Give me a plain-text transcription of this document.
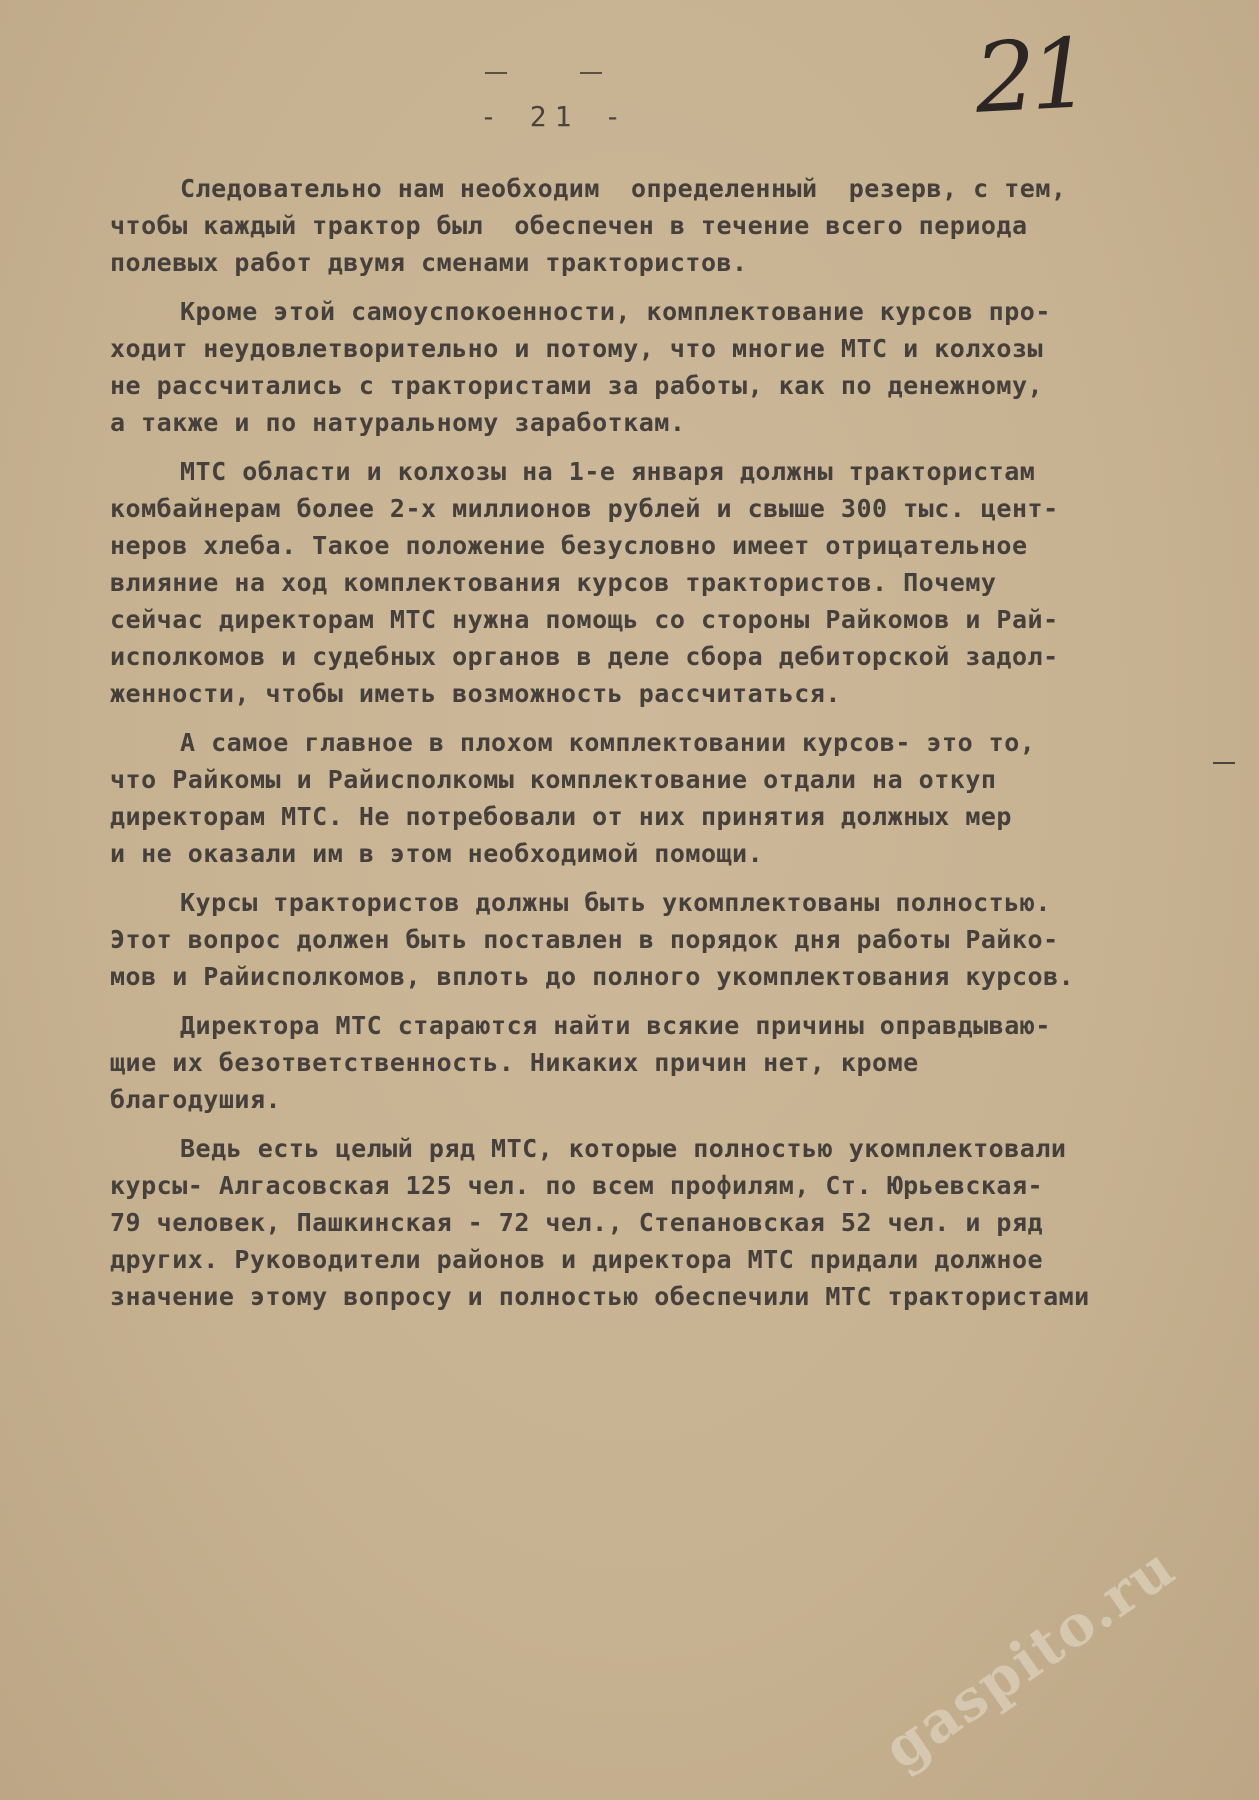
21
- 21 -
Следовательно нам необходим  определенный  резерв, с тем,
чтобы каждый трактор был  обеспечен в течение всего периода
полевых работ двумя сменами трактористов.
Кроме этой самоуспокоенности, комплектование курсов про-
ходит неудовлетворительно и потому, что многие МТС и колхозы
не рассчитались с трактористами за работы, как по денежному,
а также и по натуральному заработкам.
МТС области и колхозы на 1-е января должны трактористам
комбайнерам более 2-х миллионов рублей и свыше 300 тыс. цент-
неров хлеба. Такое положение безусловно имеет отрицательное
влияние на ход комплектования курсов трактористов. Почему
сейчас директорам МТС нужна помощь со стороны Райкомов и Рай-
исполкомов и судебных органов в деле сбора дебиторской задол-
женности, чтобы иметь возможность рассчитаться.
А самое главное в плохом комплектовании курсов- это то,
что Райкомы и Райисполкомы комплектование отдали на откуп
директорам МТС. Не потребовали от них принятия должных мер
и не оказали им в этом необходимой помощи.
Курсы трактористов должны быть укомплектованы полностью.
Этот вопрос должен быть поставлен в порядок дня работы Райко-
мов и Райисполкомов, вплоть до полного укомплектования курсов.
Директора МТС стараются найти всякие причины оправдываю-
щие их безответственность. Никаких причин нет, кроме
благодушия.
Ведь есть целый ряд МТС, которые полностью укомплектовали
курсы- Алгасовская 125 чел. по всем профилям, Ст. Юрьевская-
79 человек, Пашкинская - 72 чел., Степановская 52 чел. и ряд
других. Руководители районов и директора МТС придали должное
значение этому вопросу и полностью обеспечили МТС трактористами
gaspito.ru
